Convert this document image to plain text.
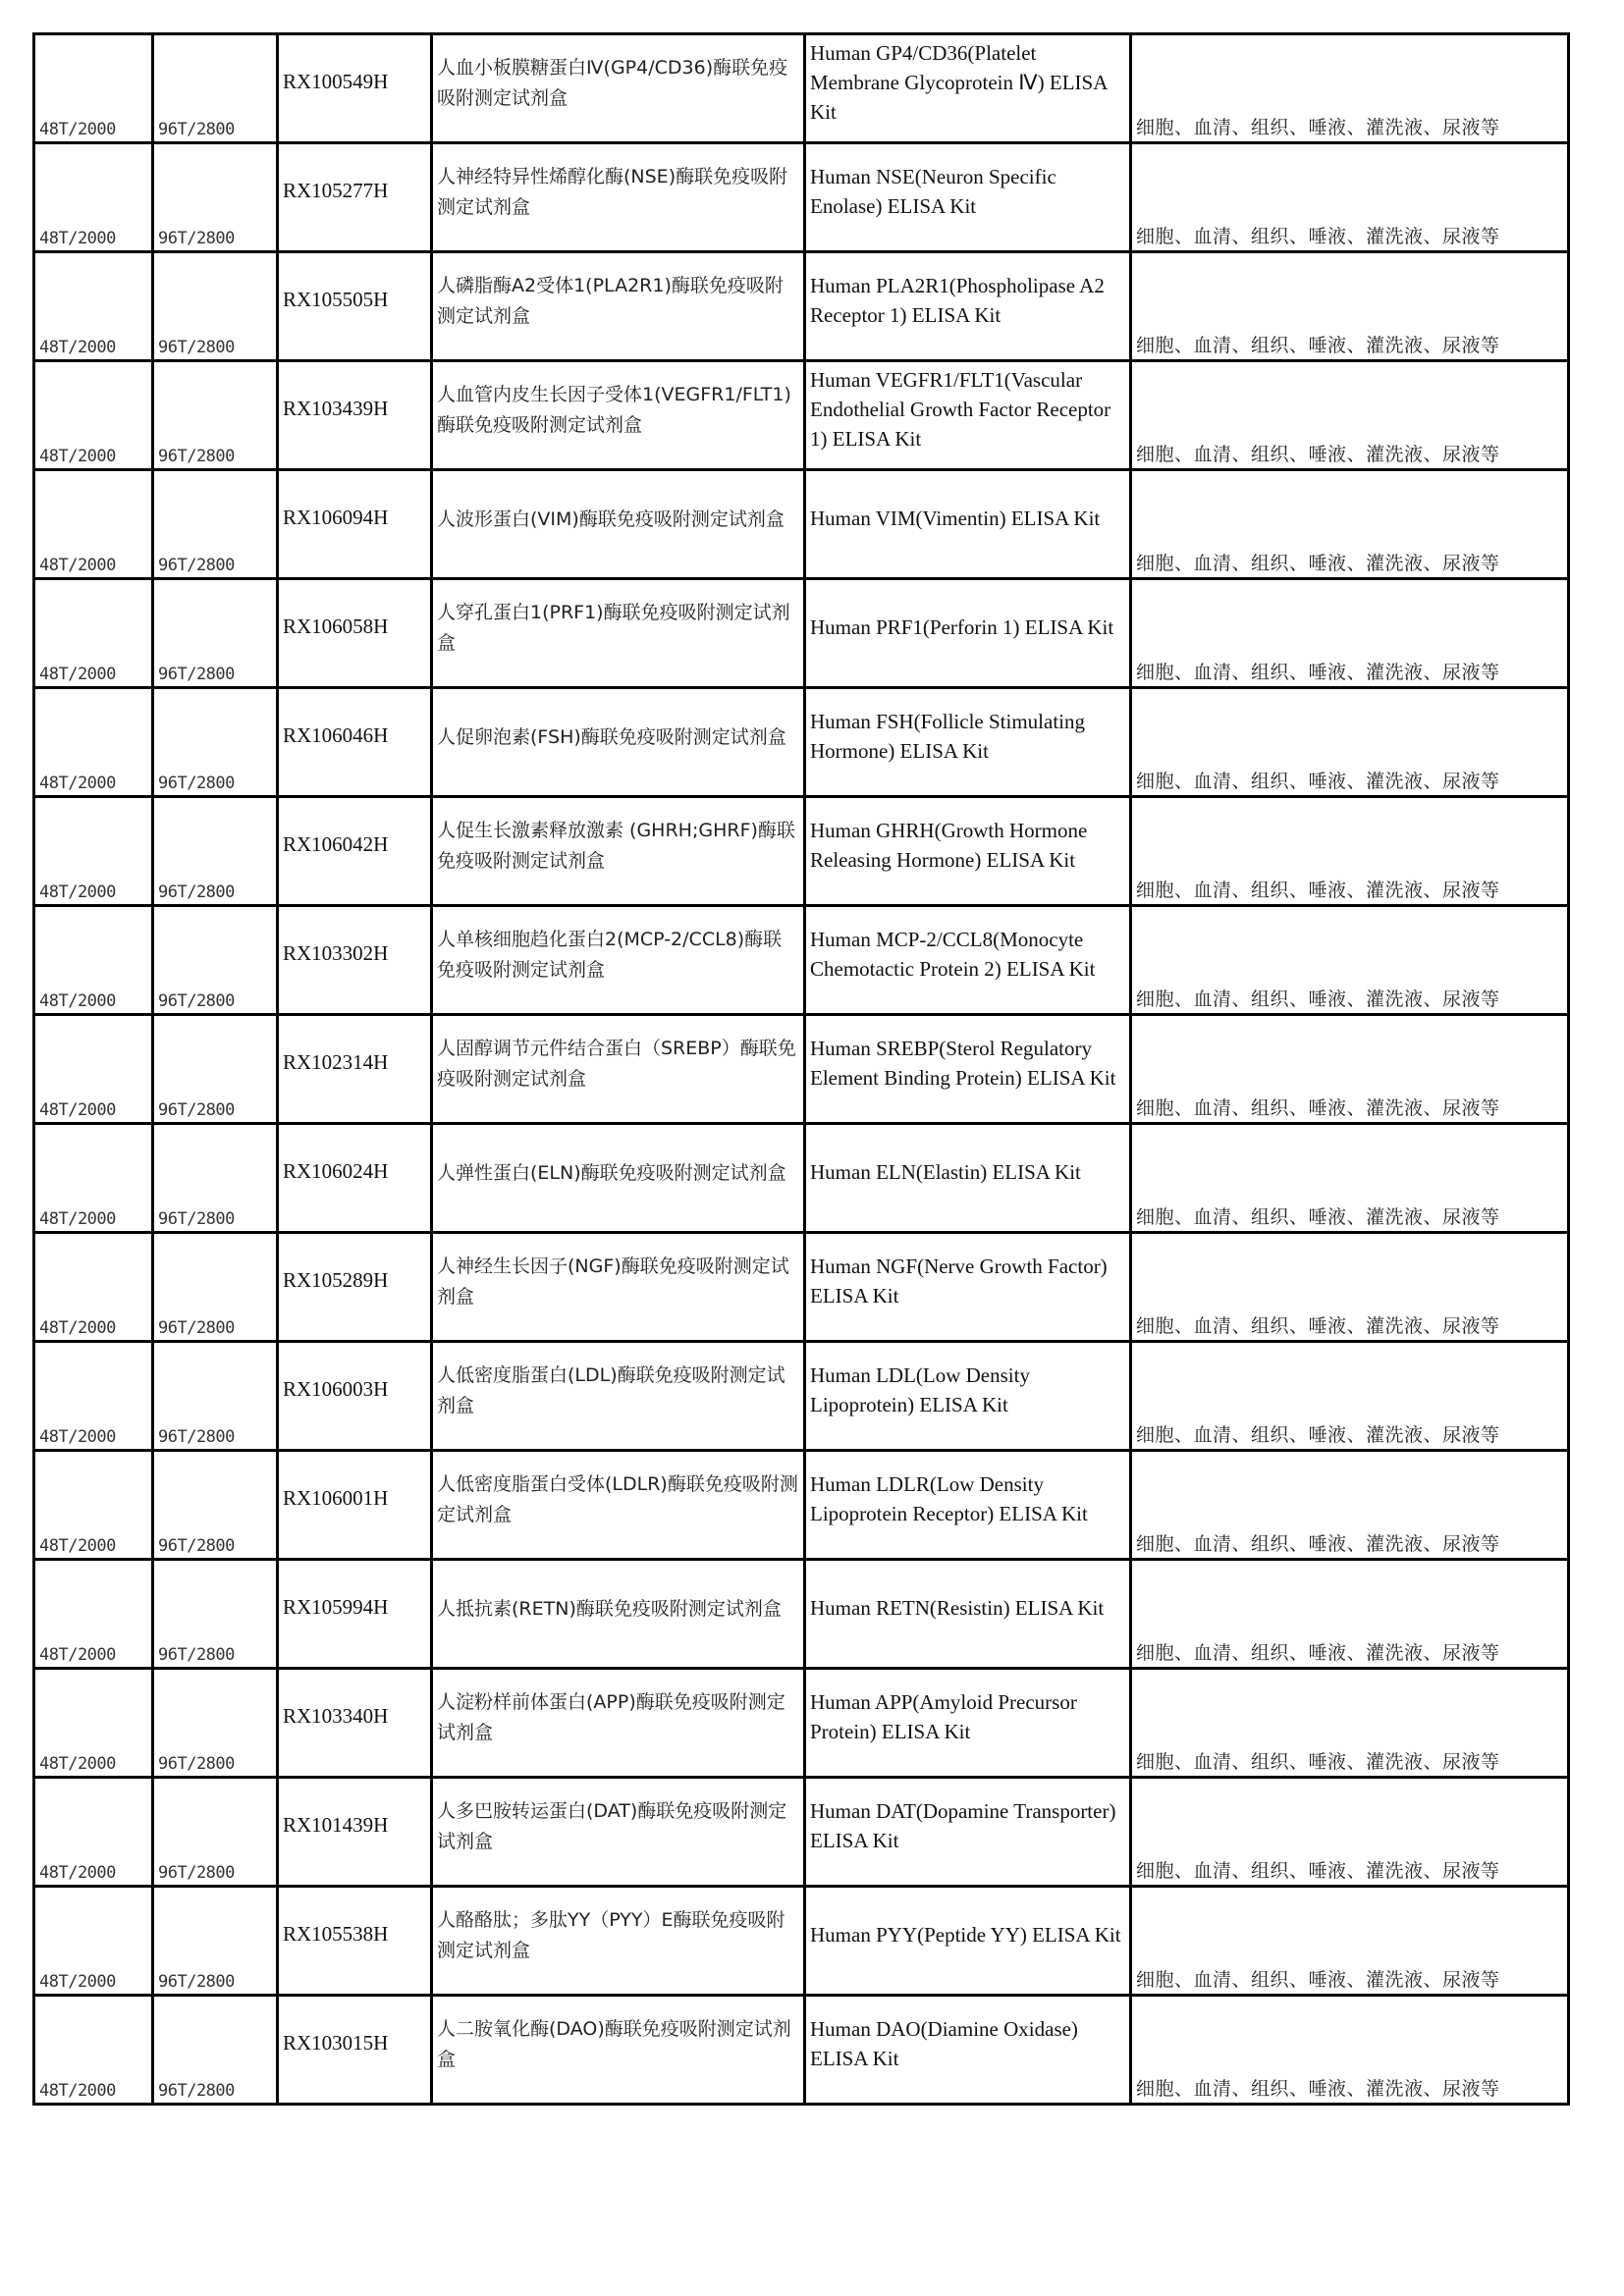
48T/2000	96T/2800	RX100549H	人血小板膜糖蛋白Ⅳ(GP4/CD36)酶联免疫吸附测定试剂盒	Human GP4/CD36(Platelet Membrane Glycoprotein Ⅳ) ELISA Kit	细胞、血清、组织、唾液、灌洗液、尿液等

48T/2000	96T/2800	RX105277H	人神经特异性烯醇化酶(NSE)酶联免疫吸附测定试剂盒	Human NSE(Neuron Specific Enolase) ELISA Kit	细胞、血清、组织、唾液、灌洗液、尿液等

48T/2000	96T/2800	RX105505H	人磷脂酶A2受体1(PLA2R1)酶联免疫吸附测定试剂盒	Human PLA2R1(Phospholipase A2 Receptor 1) ELISA Kit	细胞、血清、组织、唾液、灌洗液、尿液等

48T/2000	96T/2800	RX103439H	人血管内皮生长因子受体1(VEGFR1/FLT1)酶联免疫吸附测定试剂盒	Human VEGFR1/FLT1(Vascular Endothelial Growth Factor Receptor 1) ELISA Kit	细胞、血清、组织、唾液、灌洗液、尿液等

48T/2000	96T/2800	RX106094H	人波形蛋白(VIM)酶联免疫吸附测定试剂盒	Human VIM(Vimentin) ELISA Kit	细胞、血清、组织、唾液、灌洗液、尿液等

48T/2000	96T/2800	RX106058H	人穿孔蛋白1(PRF1)酶联免疫吸附测定试剂盒	Human PRF1(Perforin 1) ELISA Kit	细胞、血清、组织、唾液、灌洗液、尿液等

48T/2000	96T/2800	RX106046H	人促卵泡素(FSH)酶联免疫吸附测定试剂盒	Human FSH(Follicle Stimulating Hormone) ELISA Kit	细胞、血清、组织、唾液、灌洗液、尿液等

48T/2000	96T/2800	RX106042H	人促生长激素释放激素 (GHRH;GHRF)酶联免疫吸附测定试剂盒	Human GHRH(Growth Hormone Releasing Hormone) ELISA Kit	细胞、血清、组织、唾液、灌洗液、尿液等

48T/2000	96T/2800	RX103302H	人单核细胞趋化蛋白2(MCP-2/CCL8)酶联免疫吸附测定试剂盒	Human MCP-2/CCL8(Monocyte Chemotactic Protein 2) ELISA Kit	细胞、血清、组织、唾液、灌洗液、尿液等

48T/2000	96T/2800	RX102314H	人固醇调节元件结合蛋白（SREBP）酶联免疫吸附测定试剂盒	Human SREBP(Sterol Regulatory Element Binding Protein) ELISA Kit	细胞、血清、组织、唾液、灌洗液、尿液等

48T/2000	96T/2800	RX106024H	人弹性蛋白(ELN)酶联免疫吸附测定试剂盒	Human ELN(Elastin) ELISA Kit	细胞、血清、组织、唾液、灌洗液、尿液等

48T/2000	96T/2800	RX105289H	人神经生长因子(NGF)酶联免疫吸附测定试剂盒	Human NGF(Nerve Growth Factor) ELISA Kit	细胞、血清、组织、唾液、灌洗液、尿液等

48T/2000	96T/2800	RX106003H	人低密度脂蛋白(LDL)酶联免疫吸附测定试剂盒	Human LDL(Low Density Lipoprotein) ELISA Kit	细胞、血清、组织、唾液、灌洗液、尿液等

48T/2000	96T/2800	RX106001H	人低密度脂蛋白受体(LDLR)酶联免疫吸附测定试剂盒	Human LDLR(Low Density Lipoprotein Receptor) ELISA Kit	细胞、血清、组织、唾液、灌洗液、尿液等

48T/2000	96T/2800	RX105994H	人抵抗素(RETN)酶联免疫吸附测定试剂盒	Human RETN(Resistin) ELISA Kit	细胞、血清、组织、唾液、灌洗液、尿液等

48T/2000	96T/2800	RX103340H	人淀粉样前体蛋白(APP)酶联免疫吸附测定试剂盒	Human APP(Amyloid Precursor Protein) ELISA Kit	细胞、血清、组织、唾液、灌洗液、尿液等

48T/2000	96T/2800	RX101439H	人多巴胺转运蛋白(DAT)酶联免疫吸附测定试剂盒	Human DAT(Dopamine Transporter) ELISA Kit	细胞、血清、组织、唾液、灌洗液、尿液等

48T/2000	96T/2800	RX105538H	人酪酪肽；多肽YY（PYY）E酶联免疫吸附测定试剂盒	Human PYY(Peptide YY) ELISA Kit	细胞、血清、组织、唾液、灌洗液、尿液等

48T/2000	96T/2800	RX103015H	人二胺氧化酶(DAO)酶联免疫吸附测定试剂盒	Human DAO(Diamine Oxidase) ELISA Kit	细胞、血清、组织、唾液、灌洗液、尿液等
